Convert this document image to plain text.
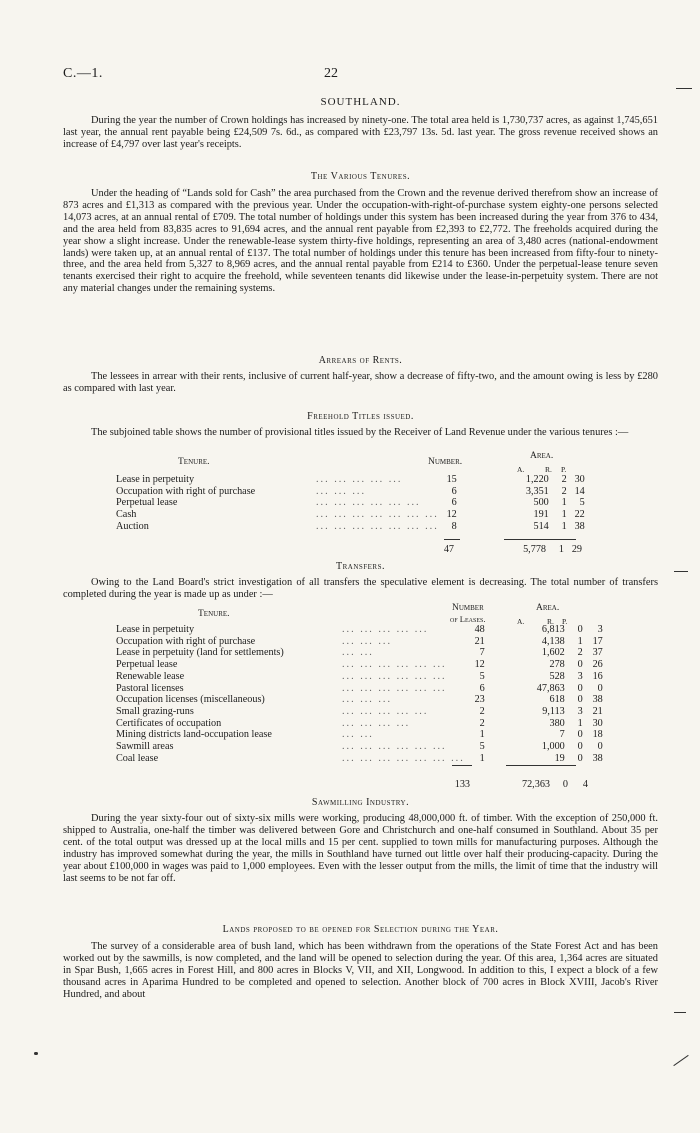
C.—1.	22
SOUTHLAND.

During the year the number of Crown holdings has increased by ninety-one. The total area held is 1,730,737 acres, as against 1,745,651 last year, the annual rent payable being £24,509 7s. 6d., as compared with £23,797 13s. 5d. last year. The gross revenue received shows an increase of £4,797 over last year's receipts.

The Various Tenures.

Under the heading of “Lands sold for Cash” the area purchased from the Crown and the revenue derived therefrom show an increase of 873 acres and £1,313 as compared with the previous year. Under the occupation-with-right-of-purchase system eighty-one persons selected 14,073 acres, at an annual rental of £709. The total number of holdings under this system has been increased during the year from 376 to 434, and the area held from 83,835 acres to 91,694 acres, and the annual rent payable from £2,393 to £2,772. The freeholds acquired during the year show a slight increase. Under the renewable-lease system thirty-five holdings, representing an area of 3,480 acres (national-endowment lands) were taken up, at an annual rental of £137. The total number of holdings under this tenure has been increased from fifty-four to ninety-three, and the area held from 5,327 to 8,969 acres, and the annual rental payable from £214 to £360. Under the perpetual-lease tenure seven tenants exercised their right to acquire the freehold, while seventeen tenants did likewise under the lease-in-perpetuity system. There are not any material changes under the remaining systems.

Arrears of Rents.

The lessees in arrear with their rents, inclusive of current half-year, show a decrease of fifty-two, and the amount owing is less by £280 as compared with last year.

Freehold Titles issued.

The subjoined table shows the number of provisional titles issued by the Receiver of Land Revenue under the various tenures :—

Tenure.	Number.
Area.
A.	R. P.
Lease in perpetuity	... ... ... ... ...	15	1,220	2	30
Occupation with right of purchase	... ... ...	6	3,351	2	14
Perpetual lease	... ... ... ... ... ...	6	500	1	5
Cash	... ... ... ... ... ... ...	12	191	1	22
Auction	... ... ... ... ... ... ...	8	514	1	38
		47	5,778	1	29
Transfers.

Owing to the Land Board's strict investigation of all transfers the speculative element is decreasing. The total number of transfers completed during the year is made up as under :—

Tenure.
Number
of Leases.
Area.
A.	R. P.
Lease in perpetuity	... ... ... ... ...	48	6,813	0	3
Occupation with right of purchase	... ... ...	21	4,138	1	17
Lease in perpetuity (land for settlements)	... ...	7	1,602	2	37
Perpetual lease	... ... ... ... ... ...	12	278	0	26
Renewable lease	... ... ... ... ... ...	5	528	3	16
Pastoral licenses	... ... ... ... ... ...	6	47,863	0	0
Occupation licenses (miscellaneous)	... ... ...	23	618	0	38
Small grazing-runs	... ... ... ... ...	2	9,113	3	21
Certificates of occupation	... ... ... ...	2	380	1	30
Mining districts land-occupation lease	... ...	1	7	0	18
Sawmill areas	... ... ... ... ... ...	5	1,000	0	0
Coal lease	... ... ... ... ... ... ...	1	19	0	38
		133	72,363	0	4
Sawmilling Industry.

During the year sixty-four out of sixty-six mills were working, producing 48,000,000 ft. of timber. With the exception of 250,000 ft. shipped to Australia, one-half the timber was delivered between Gore and Christchurch and one-half consumed in Southland. About 35 per cent. of the total output was dressed up at the local mills and 15 per cent. supplied to town mills for manufacturing purposes. Although the industry has improved somewhat during the year, the mills in Southland have turned out little over half their producing-capacity. During the year about £100,000 in wages was paid to 1,000 employees. Even with the lesser output from the mills, the limit of time that the industry will last seems to be not far off.

Lands proposed to be opened for Selection during the Year.

The survey of a considerable area of bush land, which has been withdrawn from the operations of the State Forest Act and has been worked out by the sawmills, is now completed, and the land will be opened to selection during the year. Of this area, 1,364 acres are situated in Spar Bush, 1,665 acres in Forest Hill, and 800 acres in Blocks V, VII, and XII, Longwood. In addition to this, I expect a block of a few thousand acres in Aparima Hundred to be completed and opened to selection. Another block of 700 acres in Block XVIII, Jacob's River Hundred, and about
